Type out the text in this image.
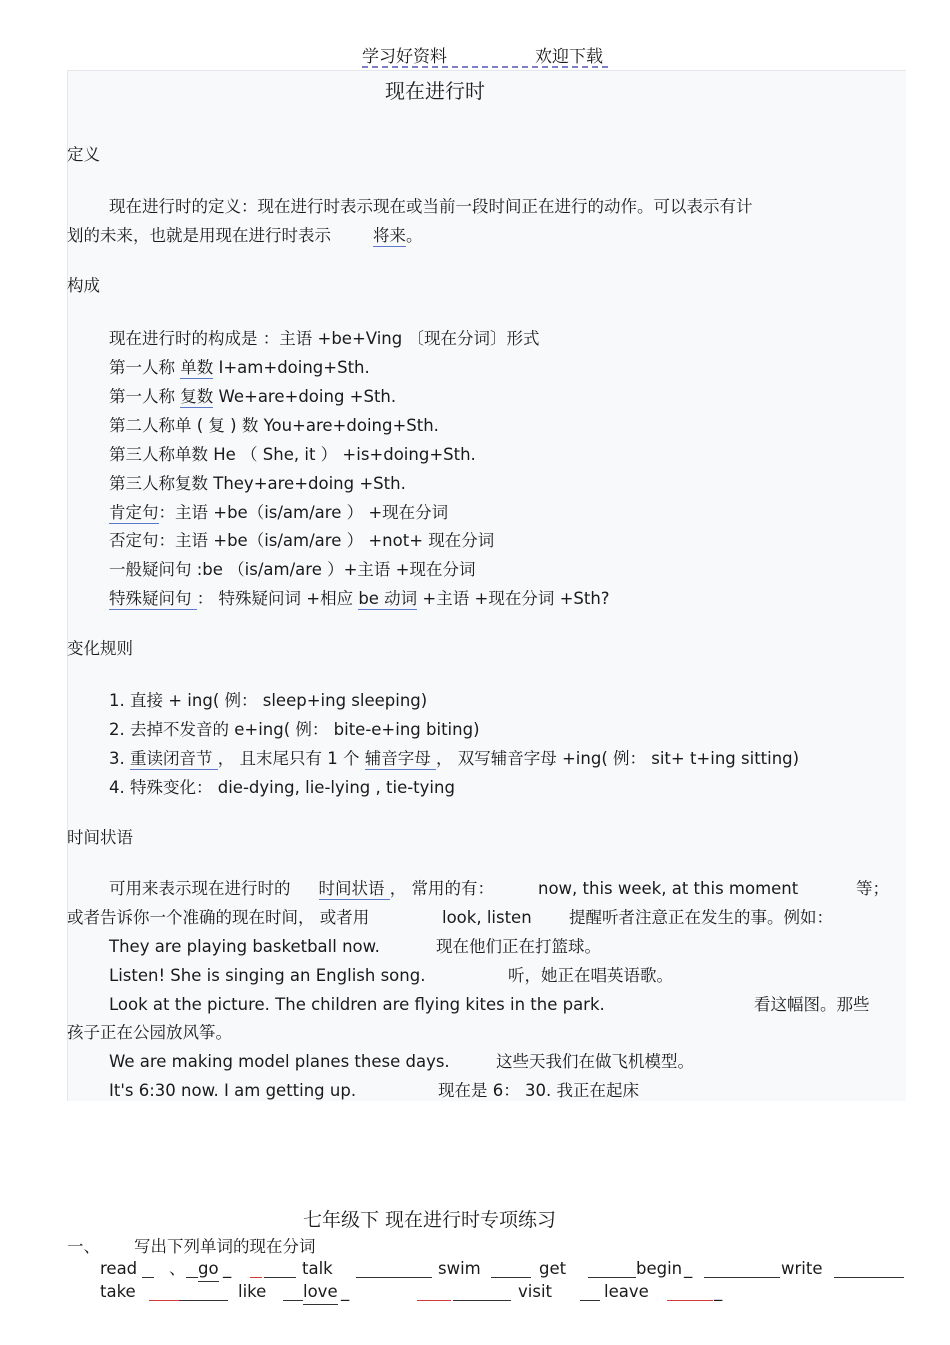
学习好资料	欢迎下载
现在进行时
定义
现在进行时的定义：现在进行时表示现在或当前一段时间正在进行的动作。可以表示有计
划的未来，也就是用现在进行时表示	将来。
构成
现在进行时的构成是 ：主语 +be+Ving 〔现在分词〕形式
第一人称 单数 I+am+doing+Sth.
第一人称 复数 We+are+doing +Sth.
第二人称单 ( 复 ) 数 You+are+doing+Sth.
第三人称单数 He （ She, it ） +is+doing+Sth.
第三人称复数 They+are+doing +Sth.
肯定句：主语 +be（is/am/are ） +现在分词
否定句：主语 +be（is/am/are ） +not+ 现在分词
一般疑问句 :be （is/am/are ）+主语 +现在分词
特殊疑问句 ： 特殊疑问词 +相应 be 动词 +主语 +现在分词 +Sth?
变化规则
1. 直接 + ing( 例： sleep+ing sleeping)
2. 去掉不发音的 e+ing( 例： bite-e+ing biting)
3. 重读闭音节 ， 且末尾只有 1 个 辅音字母 ， 双写辅音字母 +ing( 例： sit+ t+ing sitting)
4. 特殊变化： die-dying, lie-lying , tie-tying
时间状语
可用来表示现在进行时的 时间状语 ， 常用的有：	now, this week, at this moment	等；
或者告诉你一个准确的现在时间， 或者用	look, listen 提醒听者注意正在发生的事。例如：
They are playing basketball now.	现在他们正在打篮球。
Listen! She is singing an English song.	听，她正在唱英语歌。
Look at the picture. The children are flying kites in the park.	看这幅图。那些
孩子正在公园放风筝。
We are making model planes these days.	这些天我们在做飞机模型。
It's 6:30 now. I am getting up.	现在是 6： 30. 我正在起床
七年级下 现在进行时专项练习
一、 写出下列单词的现在分词
read 、 go _	talk	swim	get	begin _	write
take	like love _	visit	leave	_
